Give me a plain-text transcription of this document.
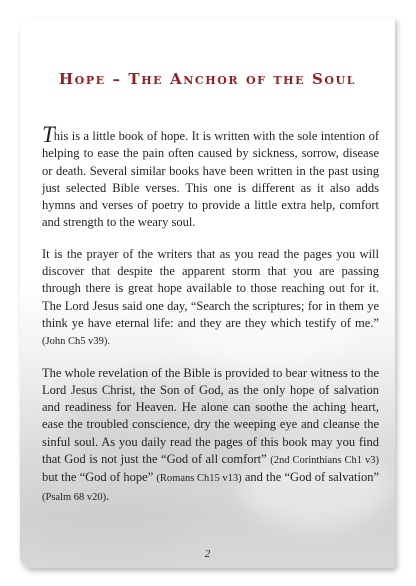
Hope – The Anchor of the Soul

This is a little book of hope. It is written with the sole intention of helping to ease the pain often caused by sickness, sorrow, disease or death. Several similar books have been written in the past using just selected Bible verses. This one is different as it also adds hymns and verses of poetry to provide a little extra help, comfort and strength to the weary soul.

It is the prayer of the writers that as you read the pages you will discover that despite the apparent storm that you are passing through there is great hope available to those reaching out for it. The Lord Jesus said one day, “Search the scriptures; for in them ye think ye have eternal life: and they are they which testify of me.” (John Ch5 v39).

The whole revelation of the Bible is provided to bear witness to the Lord Jesus Christ, the Son of God, as the only hope of salvation and readiness for Heaven. He alone can soothe the aching heart, ease the troubled conscience, dry the weeping eye and cleanse the sinful soul. As you daily read the pages of this book may you find that God is not just the “God of all comfort” (2nd Corinthians Ch1 v3) but the “God of hope” (Romans Ch15 v13) and the “God of salvation” (Psalm 68 v20).

2
